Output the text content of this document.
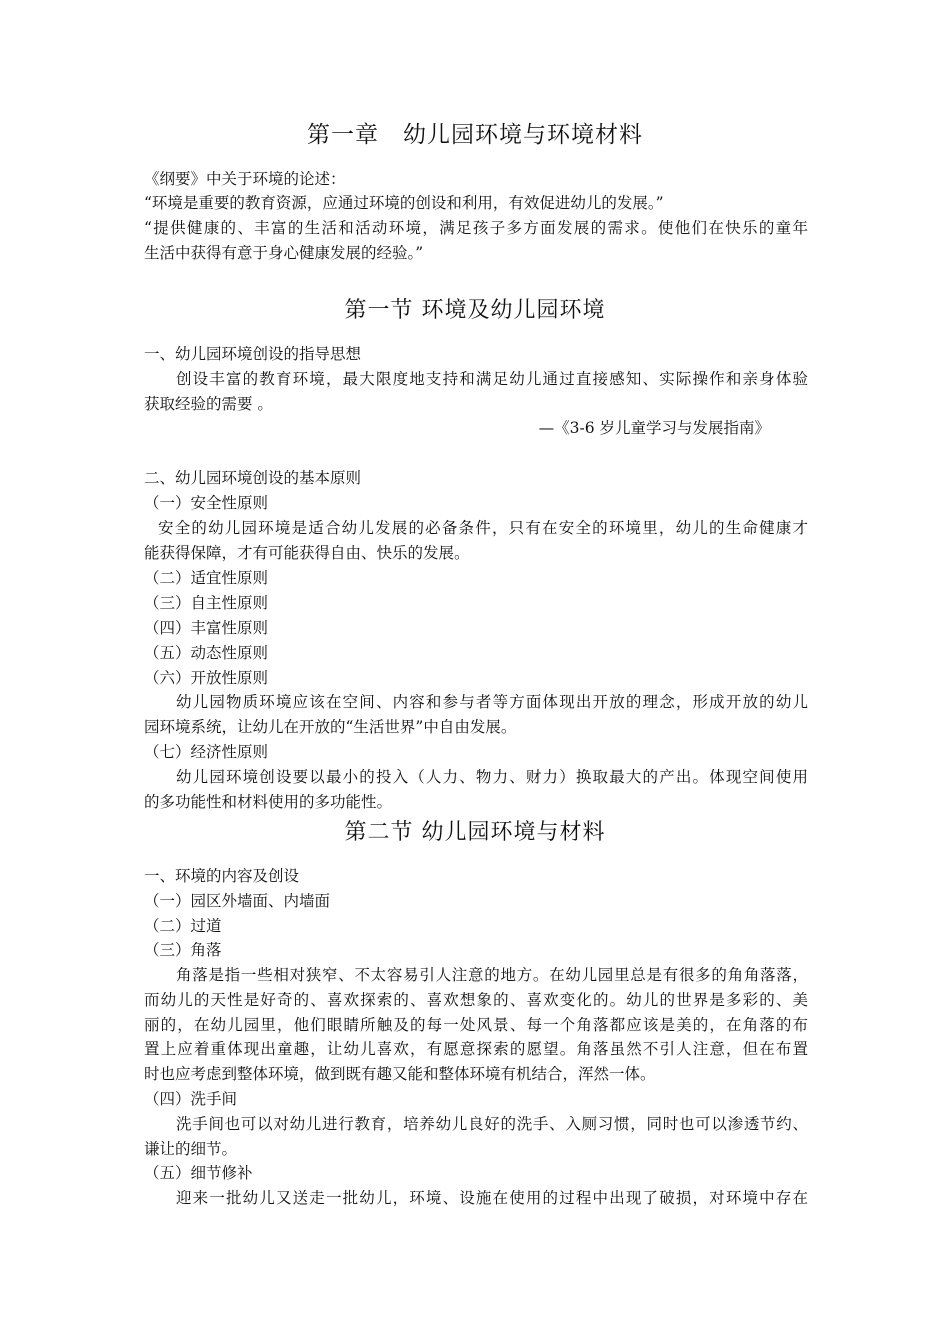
第一章　幼儿园环境与环境材料
《纲要》中关于环境的论述：
“环境是重要的教育资源，应通过环境的创设和利用，有效促进幼儿的发展。”
“提供健康的、丰富的生活和活动环境，满足孩子多方面发展的需求。使他们在快乐的童年
生活中获得有意于身心健康发展的经验。”
第一节 环境及幼儿园环境
一、幼儿园环境创设的指导思想
创设丰富的教育环境，最大限度地支持和满足幼儿通过直接感知、实际操作和亲身体验
获取经验的需要 。
—《3-6 岁儿童学习与发展指南》
二、幼儿园环境创设的基本原则
（一）安全性原则
安全的幼儿园环境是适合幼儿发展的必备条件，只有在安全的环境里，幼儿的生命健康才
能获得保障，才有可能获得自由、快乐的发展。
（二）适宜性原则
（三）自主性原则
（四）丰富性原则
（五）动态性原则
（六）开放性原则
幼儿园物质环境应该在空间、内容和参与者等方面体现出开放的理念，形成开放的幼儿
园环境系统，让幼儿在开放的“生活世界”中自由发展。
（七）经济性原则
幼儿园环境创设要以最小的投入（人力、物力、财力）换取最大的产出。体现空间使用
的多功能性和材料使用的多功能性。
第二节 幼儿园环境与材料
一、环境的内容及创设
（一）园区外墙面、内墙面
（二）过道
（三）角落
角落是指一些相对狭窄、不太容易引人注意的地方。在幼儿园里总是有很多的角角落落，
而幼儿的天性是好奇的、喜欢探索的、喜欢想象的、喜欢变化的。幼儿的世界是多彩的、美
丽的，在幼儿园里，他们眼睛所触及的每一处风景、每一个角落都应该是美的，在角落的布
置上应着重体现出童趣，让幼儿喜欢，有愿意探索的愿望。角落虽然不引人注意，但在布置
时也应考虑到整体环境，做到既有趣又能和整体环境有机结合，浑然一体。
（四）洗手间
洗手间也可以对幼儿进行教育，培养幼儿良好的洗手、入厕习惯，同时也可以渗透节约、
谦让的细节。
（五）细节修补
迎来一批幼儿又送走一批幼儿，环境、设施在使用的过程中出现了破损，对环境中存在
